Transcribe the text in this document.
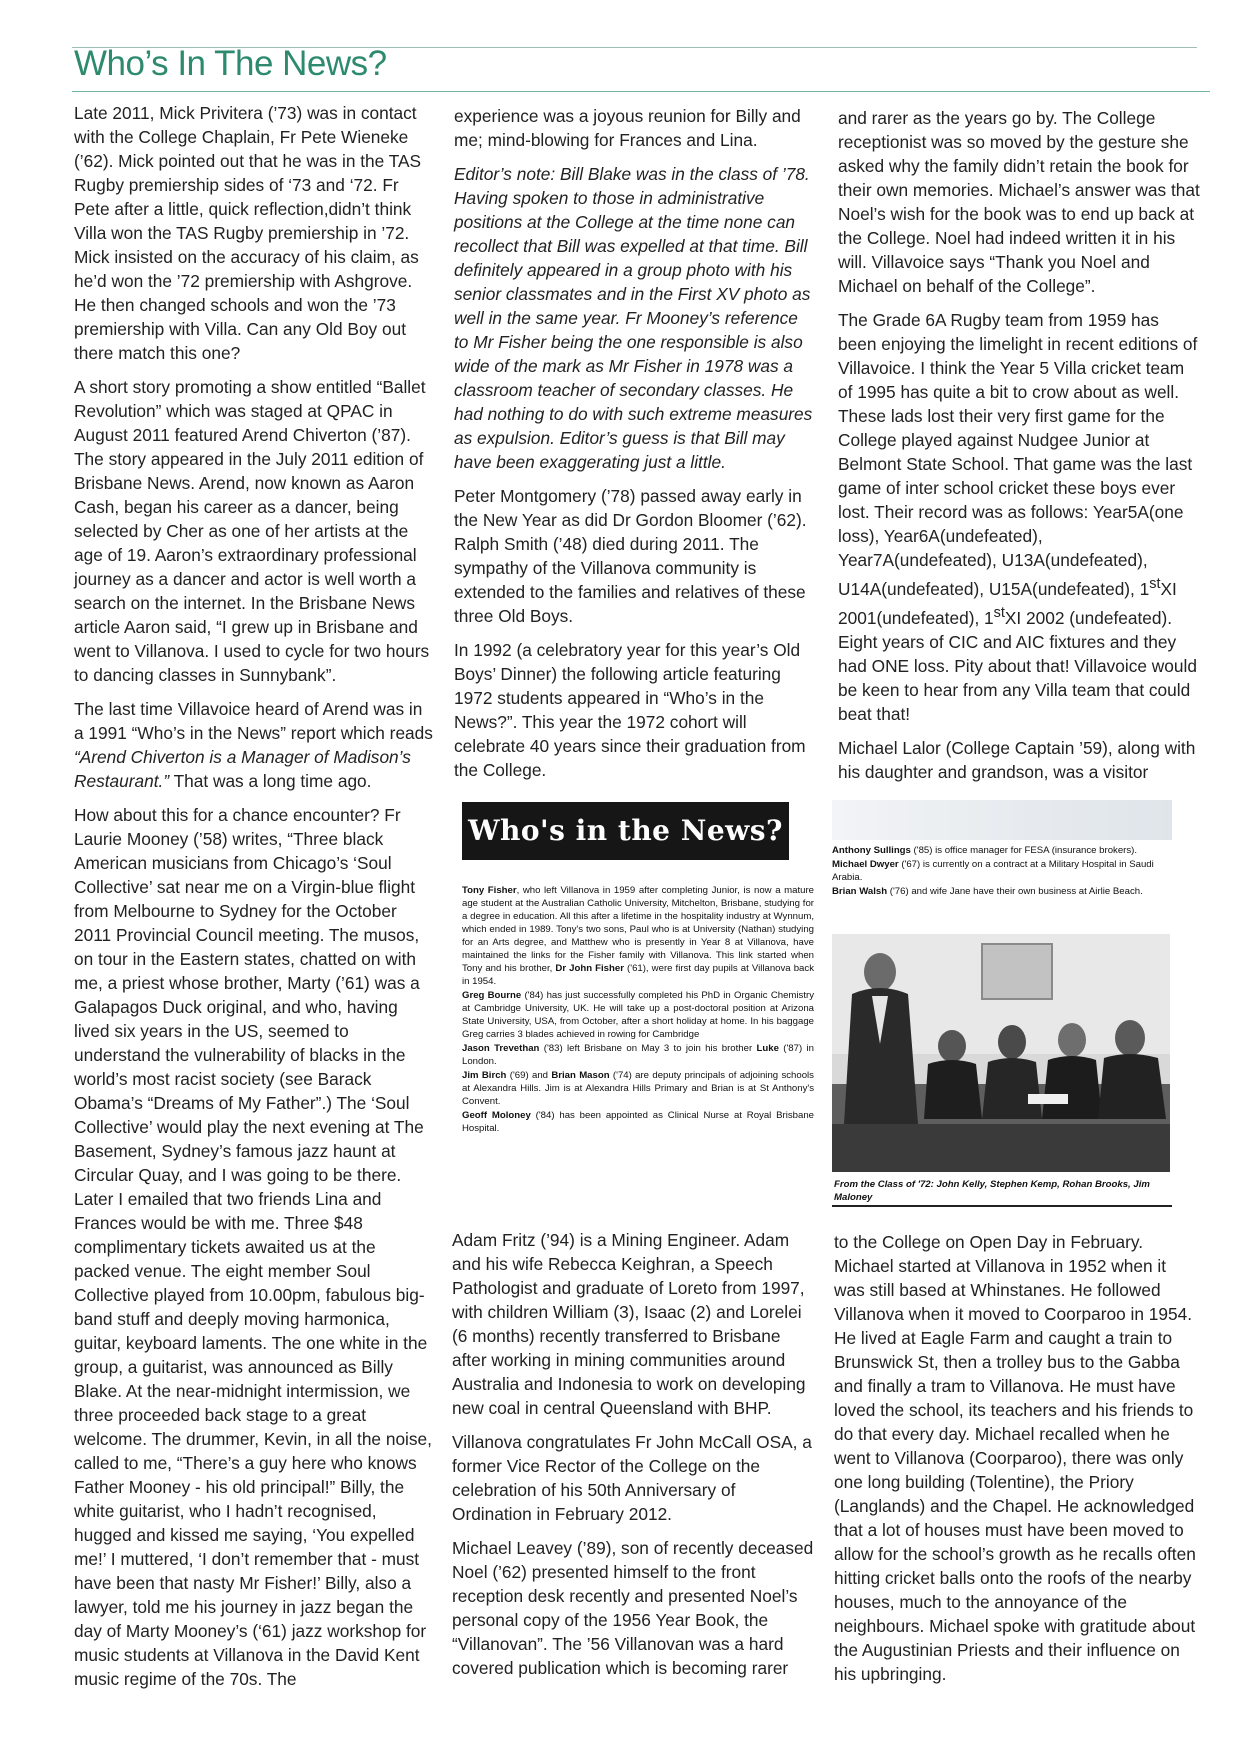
Who’s In The News?

Late 2011, Mick Privitera (’73) was in contact with the College Chaplain, Fr Pete Wieneke (’62). Mick pointed out that he was in the TAS Rugby premiership sides of ‘73 and ‘72. Fr Pete after a little, quick reflection,didn’t think Villa won the TAS Rugby premiership in ’72. Mick insisted on the accuracy of his claim, as he’d won the ’72 premiership with Ashgrove. He then changed schools and won the ’73 premiership with Villa. Can any Old Boy out there match this one?

A short story promoting a show entitled “Ballet Revolution” which was staged at QPAC in August 2011 featured Arend Chiverton (’87). The story appeared in the July 2011 edition of Brisbane News. Arend, now known as Aaron Cash, began his career as a dancer, being selected by Cher as one of her artists at the age of 19. Aaron’s extraordinary professional journey as a dancer and actor is well worth a search on the internet. In the Brisbane News article Aaron said, “I grew up in Brisbane and went to Villanova. I used to cycle for two hours to dancing classes in Sunnybank”.

The last time Villavoice heard of Arend was in a 1991 “Who’s in the News” report which reads “Arend Chiverton is a Manager of Madison’s Restaurant.” That was a long time ago.

How about this for a chance encounter? Fr Laurie Mooney (’58) writes, “Three black American musicians from Chicago’s ‘Soul Collective’ sat near me on a Virgin-blue flight from Melbourne to Sydney for the October 2011 Provincial Council meeting. The musos, on tour in the Eastern states, chatted on with me, a priest whose brother, Marty (’61) was a Galapagos Duck original, and who, having lived six years in the US, seemed to understand the vulnerability of blacks in the world’s most racist society (see Barack Obama’s “Dreams of My Father”.) The ‘Soul Collective’ would play the next evening at The Basement, Sydney’s famous jazz haunt at Circular Quay, and I was going to be there. Later I emailed that two friends Lina and Frances would be with me. Three $48 complimentary tickets awaited us at the packed venue. The eight member Soul Collective played from 10.00pm, fabulous big-band stuff and deeply moving harmonica, guitar, keyboard laments. The one white in the group, a guitarist, was announced as Billy Blake. At the near-midnight intermission, we three proceeded back stage to a great welcome. The drummer, Kevin, in all the noise, called to me, “There’s a guy here who knows Father Mooney - his old principal!” Billy, the white guitarist, who I hadn’t recognised, hugged and kissed me saying, ‘You expelled me!’ I muttered, ‘I don’t remember that - must have been that nasty Mr Fisher!’ Billy, also a lawyer, told me his journey in jazz began the day of Marty Mooney’s (‘61) jazz workshop for music students at Villanova in the David Kent music regime of the 70s. The

experience was a joyous reunion for Billy and me; mind-blowing for Frances and Lina.

Editor’s note: Bill Blake was in the class of ’78. Having spoken to those in administrative positions at the College at the time none can recollect that Bill was expelled at that time. Bill definitely appeared in a group photo with his senior classmates and in the First XV photo as well in the same year. Fr Mooney’s reference to Mr Fisher being the one responsible is also wide of the mark as Mr Fisher in 1978 was a classroom teacher of secondary classes. He had nothing to do with such extreme measures as expulsion. Editor’s guess is that Bill may have been exaggerating just a little.

Peter Montgomery (’78) passed away early in the New Year as did Dr Gordon Bloomer (’62). Ralph Smith (’48) died during 2011. The sympathy of the Villanova community is extended to the families and relatives of these three Old Boys.

In 1992 (a celebratory year for this year’s Old Boys’ Dinner) the following article featuring 1972 students appeared in “Who’s in the News?”. This year the 1972 cohort will celebrate 40 years since their graduation from the College.

and rarer as the years go by. The College receptionist was so moved by the gesture she asked why the family didn’t retain the book for their own memories. Michael’s answer was that Noel’s wish for the book was to end up back at the College. Noel had indeed written it in his will. Villavoice says “Thank you Noel and Michael on behalf of the College”.

The Grade 6A Rugby team from 1959 has been enjoying the limelight in recent editions of Villavoice. I think the Year 5 Villa cricket team of 1995 has quite a bit to crow about as well. These lads lost their very first game for the College played against Nudgee Junior at Belmont State School. That game was the last game of inter school cricket these boys ever lost. Their record was as follows: Year5A(one loss), Year6A(undefeated), Year7A(undefeated), U13A(undefeated), U14A(undefeated), U15A(undefeated), 1stXI 2001(undefeated), 1stXI 2002 (undefeated). Eight years of CIC and AIC fixtures and they had ONE loss. Pity about that! Villavoice would be keen to hear from any Villa team that could beat that!

Michael Lalor (College Captain ’59), along with his daughter and grandson, was a visitor

Who's in the News?

Tony Fisher, who left Villanova in 1959 after completing Junior, is now a mature age student at the Australian Catholic University, Mitchelton, Brisbane, studying for a degree in education. All this after a lifetime in the hospitality industry at Wynnum, which ended in 1989. Tony's two sons, Paul who is at University (Nathan) studying for an Arts degree, and Matthew who is presently in Year 8 at Villanova, have maintained the links for the Fisher family with Villanova. This link started when Tony and his brother, Dr John Fisher ('61), were first day pupils at Villanova back in 1954.

Greg Bourne ('84) has just successfully completed his PhD in Organic Chemistry at Cambridge University, UK. He will take up a post-doctoral position at Arizona State University, USA, from October, after a short holiday at home. In his baggage Greg carries 3 blades achieved in rowing for Cambridge

Jason Trevethan ('83) left Brisbane on May 3 to join his brother Luke ('87) in London.

Jim Birch ('69) and Brian Mason ('74) are deputy principals of adjoining schools at Alexandra Hills. Jim is at Alexandra Hills Primary and Brian is at St Anthony's Convent.

Geoff Moloney ('84) has been appointed as Clinical Nurse at Royal Brisbane Hospital.

Anthony Sullings ('85) is office manager for FESA (insurance brokers).

Michael Dwyer ('67) is currently on a contract at a Military Hospital in Saudi Arabia.

Brian Walsh ('76) and wife Jane have their own business at Airlie Beach.

From the Class of '72: John Kelly, Stephen Kemp, Rohan Brooks, Jim Maloney

Adam Fritz (’94) is a Mining Engineer. Adam and his wife Rebecca Keighran, a Speech Pathologist and graduate of Loreto from 1997, with children William (3), Isaac (2) and Lorelei (6 months) recently transferred to Brisbane after working in mining communities around Australia and Indonesia to work on developing new coal in central Queensland with BHP.

Villanova congratulates Fr John McCall OSA, a former Vice Rector of the College on the celebration of his 50th Anniversary of Ordination in February 2012.

Michael Leavey (’89), son of recently deceased Noel (’62) presented himself to the front reception desk recently and presented Noel’s personal copy of the 1956 Year Book, the “Villanovan”. The ’56 Villanovan was a hard covered publication which is becoming rarer

to the College on Open Day in February. Michael started at Villanova in 1952 when it was still based at Whinstanes. He followed Villanova when it moved to Coorparoo in 1954. He lived at Eagle Farm and caught a train to Brunswick St, then a trolley bus to the Gabba and finally a tram to Villanova. He must have loved the school, its teachers and his friends to do that every day. Michael recalled when he went to Villanova (Coorparoo), there was only one long building (Tolentine), the Priory (Langlands) and the Chapel. He acknowledged that a lot of houses must have been moved to allow for the school’s growth as he recalls often hitting cricket balls onto the roofs of the nearby houses, much to the annoyance of the neighbours. Michael spoke with gratitude about the Augustinian Priests and their influence on his upbringing.
